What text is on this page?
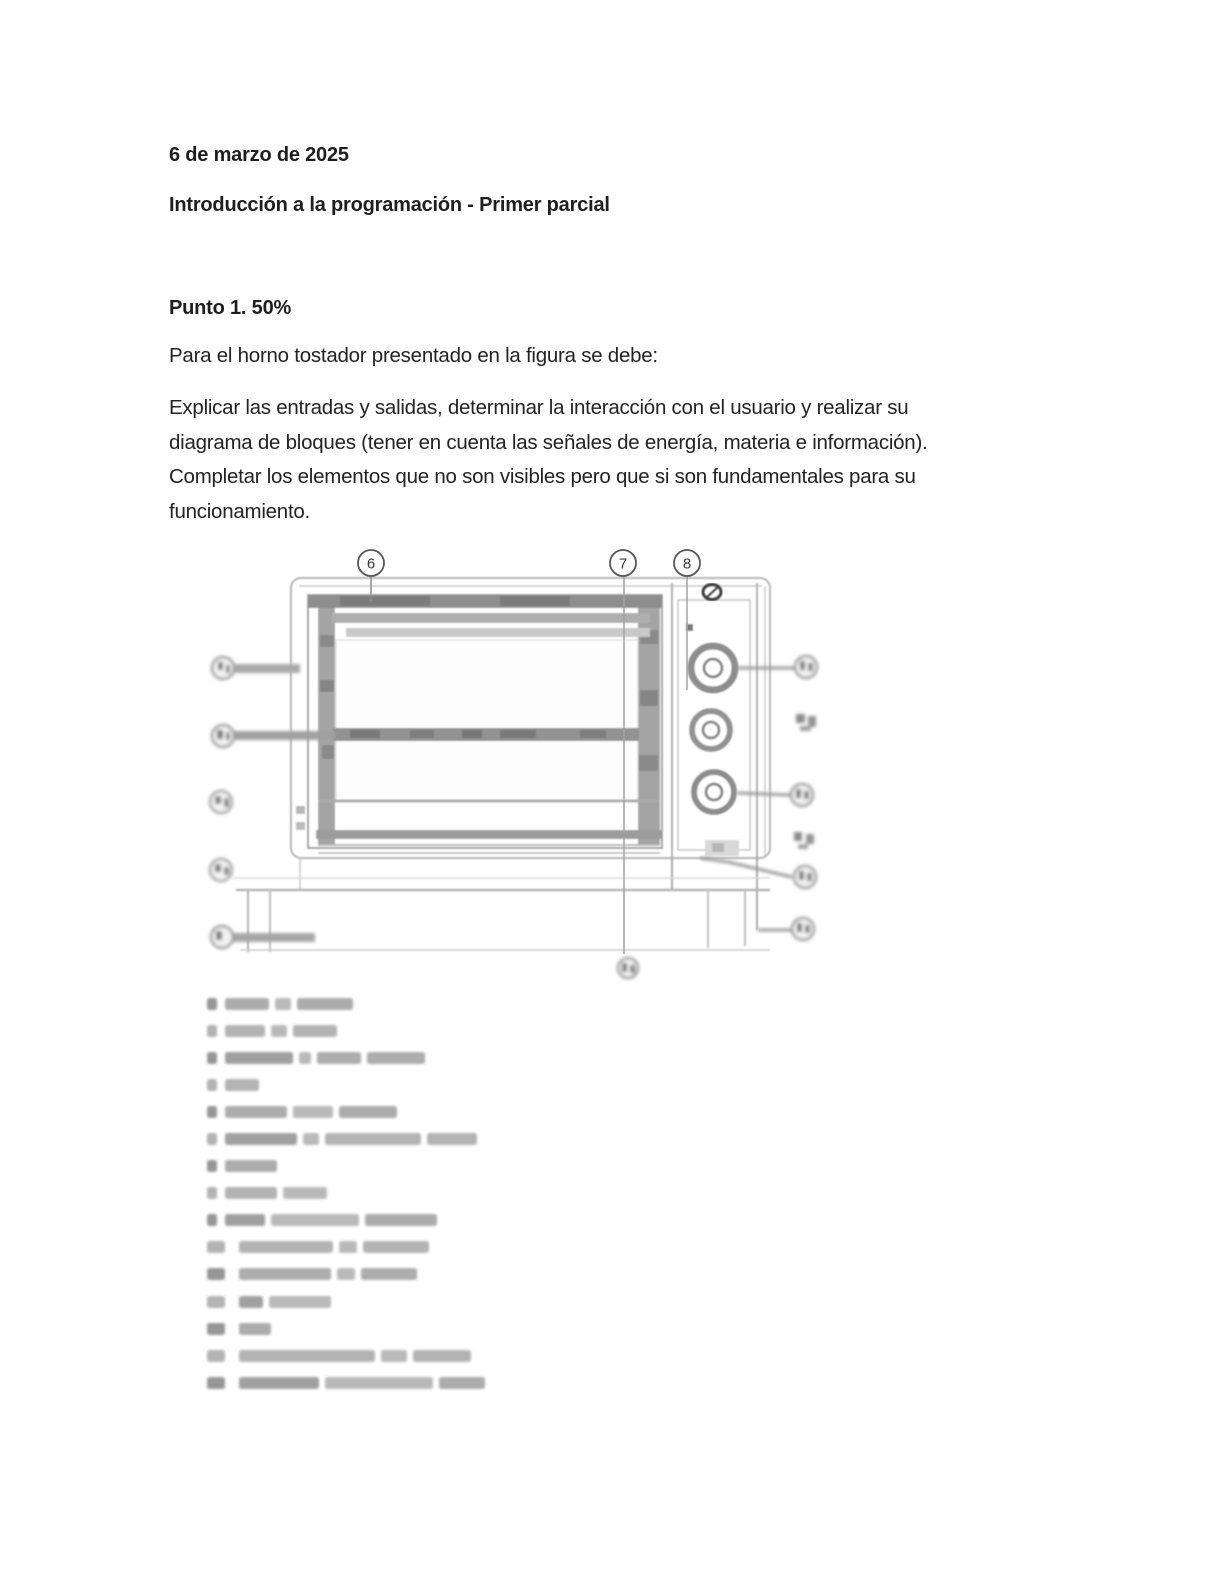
6 de marzo de 2025
Introducción a la programación - Primer parcial
Punto 1. 50%
Para el horno tostador presentado en la figura se debe:
Explicar las entradas y salidas, determinar la interacción con el usuario y realizar su
diagrama de bloques (tener en cuenta las señales de energía, materia e información).
Completar los elementos que no son visibles pero que si son fundamentales para su
funcionamiento.
6	7	8
